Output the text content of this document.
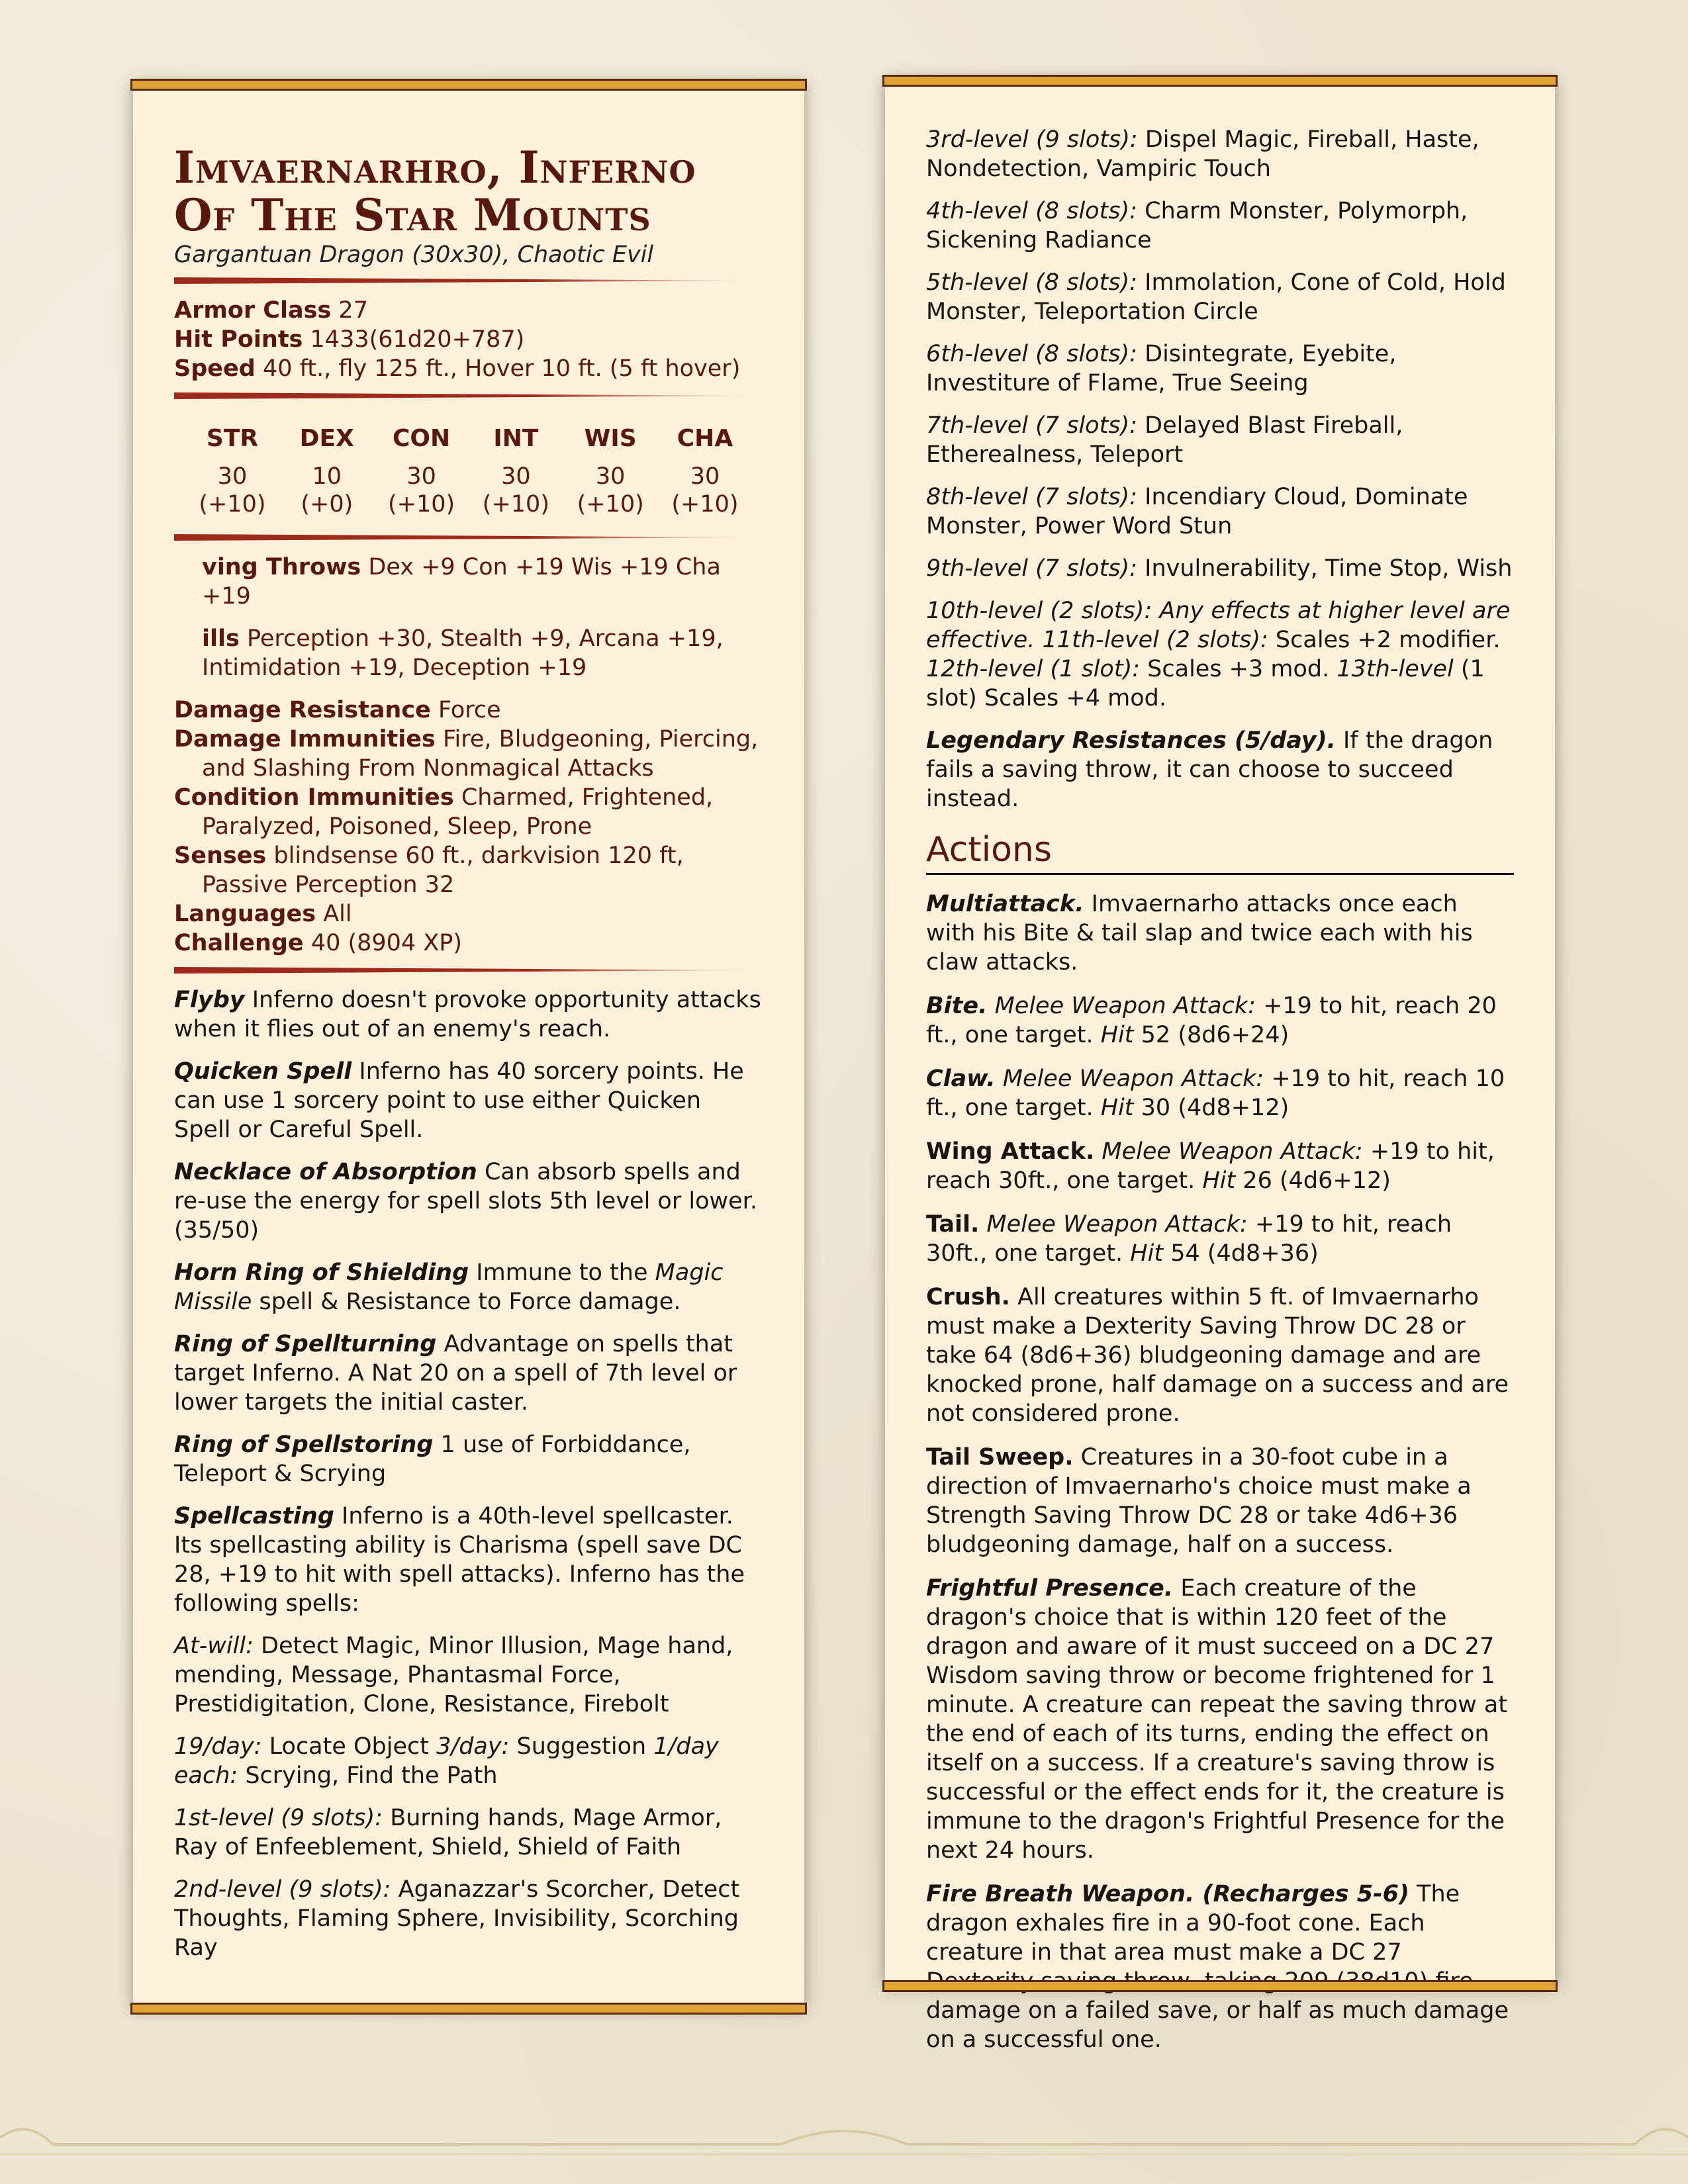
Imvaernarhro, Inferno
Of The Star Mounts
Gargantuan Dragon (30x30), Chaotic Evil
Armor Class 27
Hit Points 1433(61d20+787)
Speed 40 ft., fly 125 ft., Hover 10 ft. (5 ft hover)
STR
30
(+10)
DEX
10
(+0)
CON
30
(+10)
INT
30
(+10)
WIS
30
(+10)
CHA
30
(+10)
ving Throws Dex +9 Con +19 Wis +19 Cha +19
ills Perception +30, Stealth +9, Arcana +19, Intimidation +19, Deception +19
Damage Resistance Force
Damage Immunities Fire, Bludgeoning, Piercing, and Slashing From Nonmagical Attacks
Condition Immunities Charmed, Frightened, Paralyzed, Poisoned, Sleep, Prone
Senses blindsense 60 ft., darkvision 120 ft, Passive Perception 32
Languages All
Challenge 40 (8904 XP)
Flyby Inferno doesn't provoke opportunity attacks when it flies out of an enemy's reach.
Quicken Spell Inferno has 40 sorcery points. He can use 1 sorcery point to use either Quicken Spell or Careful Spell.
Necklace of Absorption Can absorb spells and re-use the energy for spell slots 5th level or lower. (35/50)
Horn Ring of Shielding Immune to the Magic Missile spell & Resistance to Force damage.
Ring of Spellturning Advantage on spells that target Inferno. A Nat 20 on a spell of 7th level or lower targets the initial caster.
Ring of Spellstoring 1 use of Forbiddance, Teleport & Scrying
Spellcasting Inferno is a 40th-level spellcaster. Its spellcasting ability is Charisma (spell save DC 28, +19 to hit with spell attacks). Inferno has the following spells:
At-will: Detect Magic, Minor Illusion, Mage hand, mending, Message, Phantasmal Force, Prestidigitation, Clone, Resistance, Firebolt
19/day: Locate Object 3/day: Suggestion 1/day each: Scrying, Find the Path
1st-level (9 slots): Burning hands, Mage Armor, Ray of Enfeeblement, Shield, Shield of Faith
2nd-level (9 slots): Aganazzar's Scorcher, Detect Thoughts, Flaming Sphere, Invisibility, Scorching Ray
3rd-level (9 slots): Dispel Magic, Fireball, Haste, Nondetection, Vampiric Touch
4th-level (8 slots): Charm Monster, Polymorph, Sickening Radiance
5th-level (8 slots): Immolation, Cone of Cold, Hold Monster, Teleportation Circle
6th-level (8 slots): Disintegrate, Eyebite, Investiture of Flame, True Seeing
7th-level (7 slots): Delayed Blast Fireball, Etherealness, Teleport
8th-level (7 slots): Incendiary Cloud, Dominate Monster, Power Word Stun
9th-level (7 slots): Invulnerability, Time Stop, Wish
10th-level (2 slots): Any effects at higher level are effective. 11th-level (2 slots): Scales +2 modifier. 12th-level (1 slot): Scales +3 mod. 13th-level (1 slot) Scales +4 mod.
Legendary Resistances (5/day). If the dragon fails a saving throw, it can choose to succeed instead.
Actions
Multiattack. Imvaernarho attacks once each with his Bite & tail slap and twice each with his claw attacks.
Bite. Melee Weapon Attack: +19 to hit, reach 20 ft., one target. Hit 52 (8d6+24)
Claw. Melee Weapon Attack: +19 to hit, reach 10 ft., one target. Hit 30 (4d8+12)
Wing Attack. Melee Weapon Attack: +19 to hit, reach 30ft., one target. Hit 26 (4d6+12)
Tail. Melee Weapon Attack: +19 to hit, reach 30ft., one target. Hit 54 (4d8+36)
Crush. All creatures within 5 ft. of Imvaernarho must make a Dexterity Saving Throw DC 28 or take 64 (8d6+36) bludgeoning damage and are knocked prone, half damage on a success and are not considered prone.
Tail Sweep. Creatures in a 30-foot cube in a direction of Imvaernarho's choice must make a Strength Saving Throw DC 28 or take 4d6+36 bludgeoning damage, half on a success.
Frightful Presence. Each creature of the dragon's choice that is within 120 feet of the dragon and aware of it must succeed on a DC 27 Wisdom saving throw or become frightened for 1 minute. A creature can repeat the saving throw at the end of each of its turns, ending the effect on itself on a success. If a creature's saving throw is successful or the effect ends for it, the creature is immune to the dragon's Frightful Presence for the next 24 hours.
Fire Breath Weapon. (Recharges 5-6) The dragon exhales fire in a 90-foot cone. Each creature in that area must make a DC 27 damage on a failed save, or half as much damage on a successful one.
